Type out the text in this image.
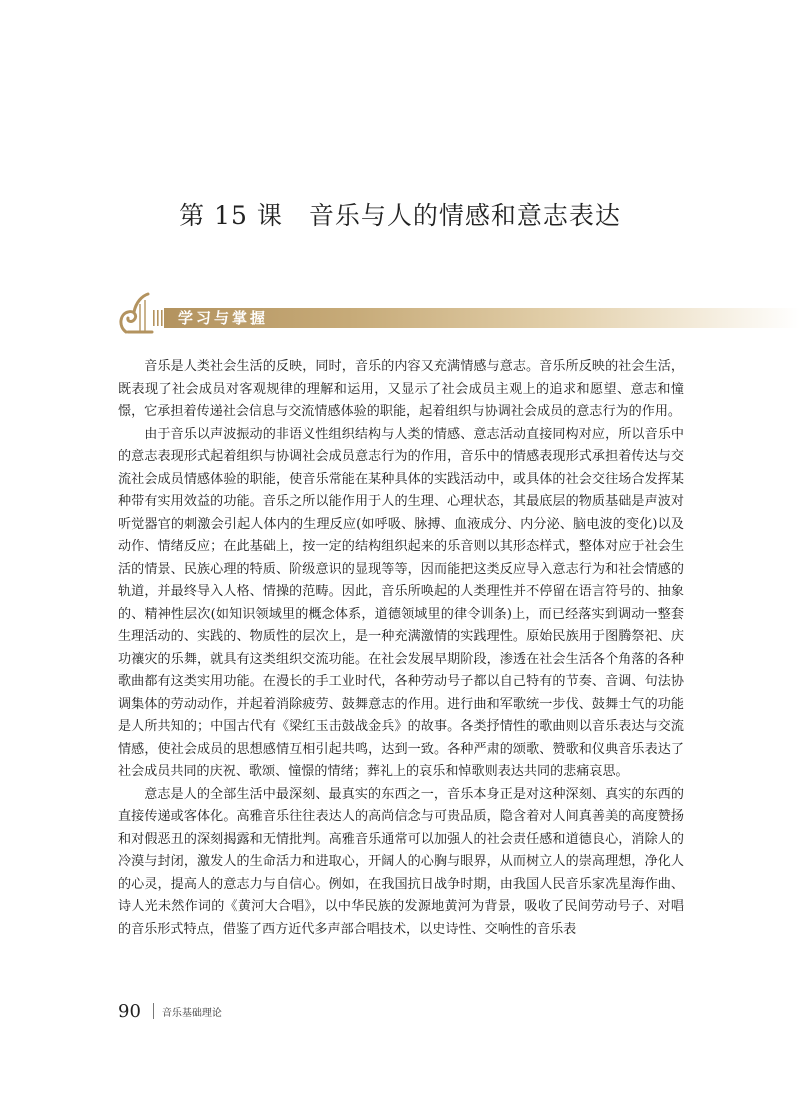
第 15 课 音乐与人的情感和意志表达
学习与掌握

音乐是人类社会生活的反映，同时，音乐的内容又充满情感与意志。音乐所反映的社会生活，既表现了社会成员对客观规律的理解和运用，又显示了社会成员主观上的追求和愿望、意志和憧憬，它承担着传递社会信息与交流情感体验的职能，起着组织与协调社会成员的意志行为的作用。

由于音乐以声波振动的非语义性组织结构与人类的情感、意志活动直接同构对应，所以音乐中的意志表现形式起着组织与协调社会成员意志行为的作用，音乐中的情感表现形式承担着传达与交流社会成员情感体验的职能，使音乐常能在某种具体的实践活动中，或具体的社会交往场合发挥某种带有实用效益的功能。音乐之所以能作用于人的生理、心理状态，其最底层的物质基础是声波对听觉器官的刺激会引起人体内的生理反应(如呼吸、脉搏、血液成分、内分泌、脑电波的变化)以及动作、情绪反应；在此基础上，按一定的结构组织起来的乐音则以其形态样式，整体对应于社会生活的情景、民族心理的特质、阶级意识的显现等等，因而能把这类反应导入意志行为和社会情感的轨道，并最终导入人格、情操的范畴。因此，音乐所唤起的人类理性并不停留在语言符号的、抽象的、精神性层次(如知识领域里的概念体系，道德领域里的律令训条)上，而已经落实到调动一整套生理活动的、实践的、物质性的层次上，是一种充满激情的实践理性。原始民族用于图腾祭祀、庆功禳灾的乐舞，就具有这类组织交流功能。在社会发展早期阶段，渗透在社会生活各个角落的各种歌曲都有这类实用功能。在漫长的手工业时代，各种劳动号子都以自己特有的节奏、音调、句法协调集体的劳动动作，并起着消除疲劳、鼓舞意志的作用。进行曲和军歌统一步伐、鼓舞士气的功能是人所共知的；中国古代有《梁红玉击鼓战金兵》的故事。各类抒情性的歌曲则以音乐表达与交流情感，使社会成员的思想感情互相引起共鸣，达到一致。各种严肃的颂歌、赞歌和仪典音乐表达了社会成员共同的庆祝、歌颂、憧憬的情绪；葬礼上的哀乐和悼歌则表达共同的悲痛哀思。

意志是人的全部生活中最深刻、最真实的东西之一，音乐本身正是对这种深刻、真实的东西的直接传递或客体化。高雅音乐往往表达人的高尚信念与可贵品质，隐含着对人间真善美的高度赞扬和对假恶丑的深刻揭露和无情批判。高雅音乐通常可以加强人的社会责任感和道德良心，消除人的冷漠与封闭，激发人的生命活力和进取心，开阔人的心胸与眼界，从而树立人的崇高理想，净化人的心灵，提高人的意志力与自信心。例如，在我国抗日战争时期，由我国人民音乐家冼星海作曲、诗人光未然作词的《黄河大合唱》，以中华民族的发源地黄河为背景，吸收了民间劳动号子、对唱的音乐形式特点，借鉴了西方近代多声部合唱技术，以史诗性、交响性的音乐表

90 音乐基础理论
